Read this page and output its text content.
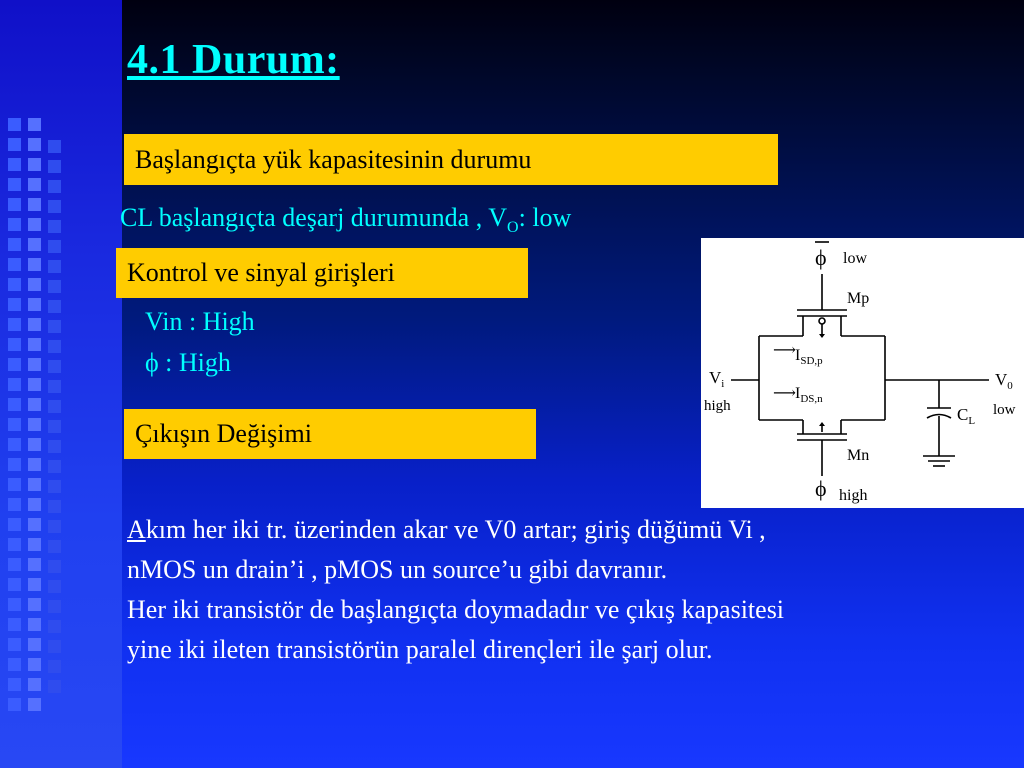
4.1 Durum:
Başlangıçta yük kapasitesinin durumu
CL başlangıçta deşarj durumunda , $V_O$: low
Kontrol ve sinyal girişleri
Vin : High
ϕ : High
Çıkışın Değişimi

Akım her iki tr. üzerinden akar ve V0 artar; giriş düğümü Vi ,

nMOS un drain’i , pMOS un source’u gibi davranır.

Her iki transistör de başlangıçta doymadadır ve çıkış kapasitesi

yine iki ileten transistörün paralel dirençleri ile şarj olur.

ϕ low
Mp
⟶ $I_{SD,p}$
⟶ $I_{DS,n}$
$V_i$
high
$V_0$
low
$C_L$
Mn
ϕ high
